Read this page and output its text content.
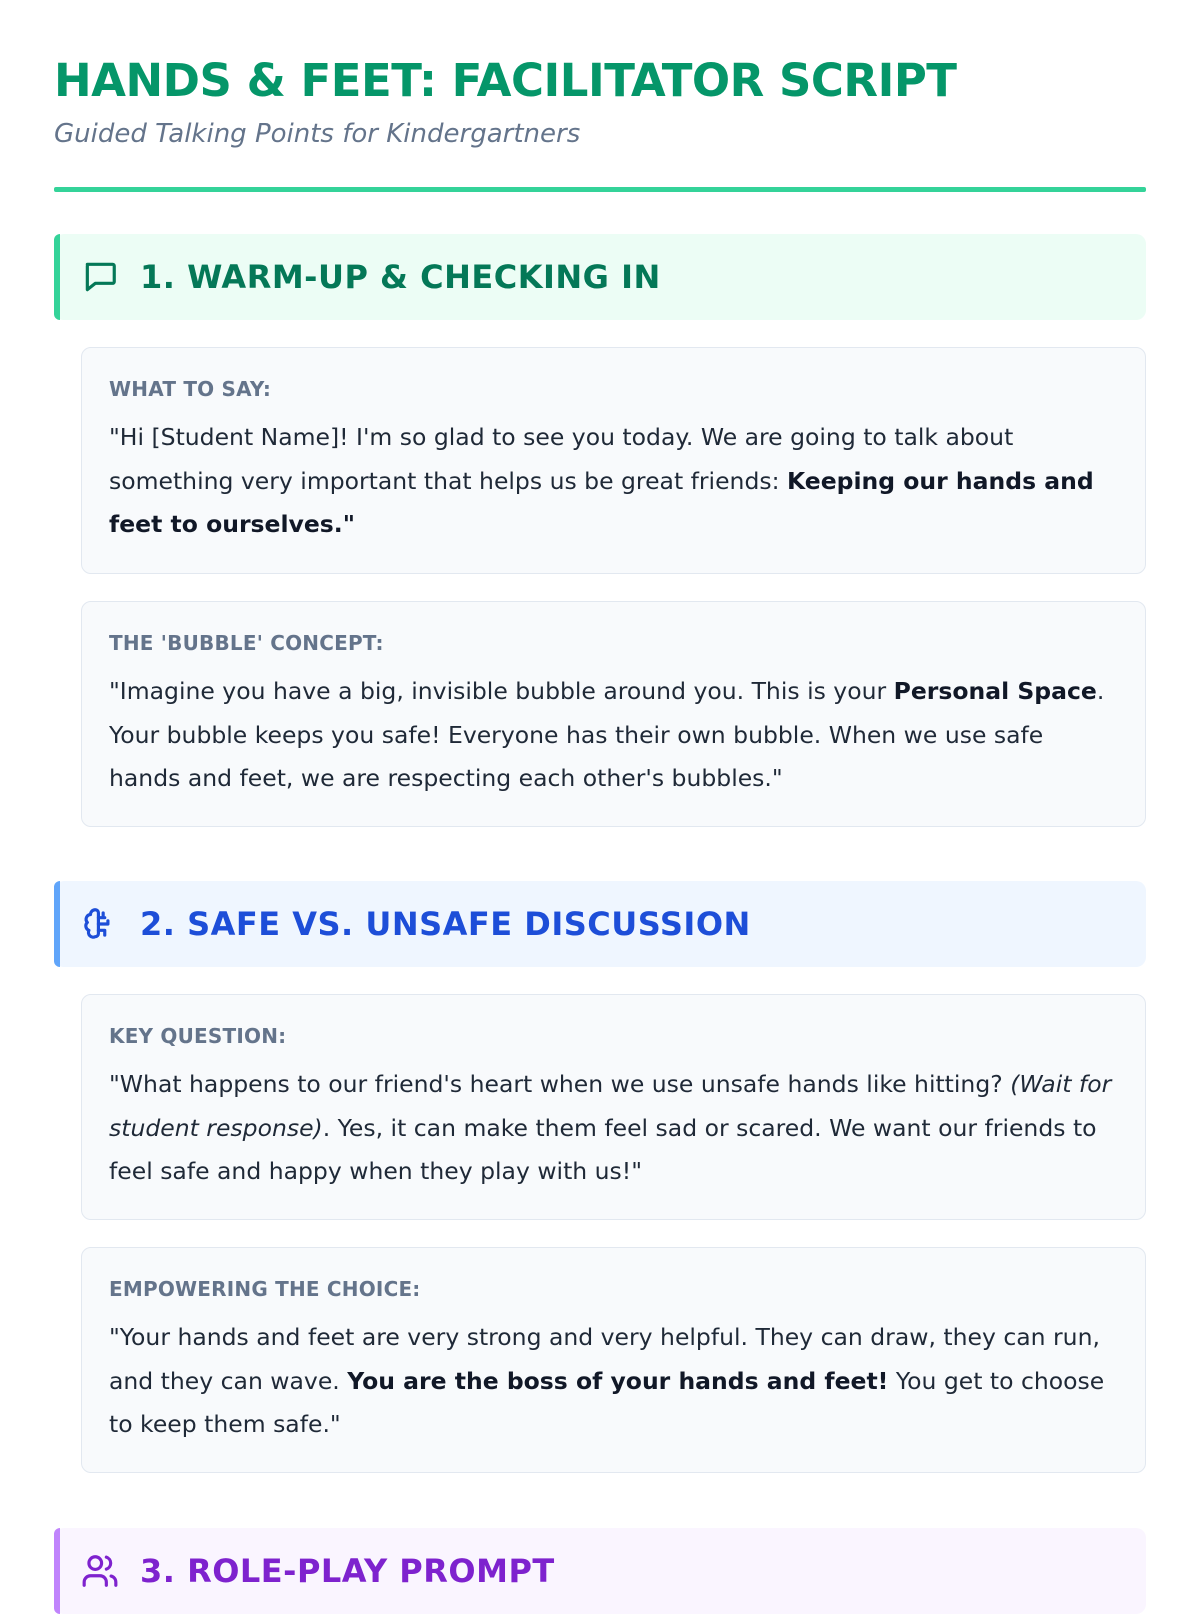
HANDS & FEET: FACILITATOR SCRIPT
Guided Talking Points for Kindergartners
1. WARM-UP & CHECKING IN
WHAT TO SAY:
"Hi [Student Name]! I'm so glad to see you today. We are going to talk about something very important that helps us be great friends: Keeping our hands and feet to ourselves."
THE 'BUBBLE' CONCEPT:
"Imagine you have a big, invisible bubble around you. This is your Personal Space. Your bubble keeps you safe! Everyone has their own bubble. When we use safe hands and feet, we are respecting each other's bubbles."
2. SAFE VS. UNSAFE DISCUSSION
KEY QUESTION:
"What happens to our friend's heart when we use unsafe hands like hitting? (Wait for student response). Yes, it can make them feel sad or scared. We want our friends to feel safe and happy when they play with us!"
EMPOWERING THE CHOICE:
"Your hands and feet are very strong and very helpful. They can draw, they can run, and they can wave. You are the boss of your hands and feet! You get to choose to keep them safe."
3. ROLE-PLAY PROMPT
